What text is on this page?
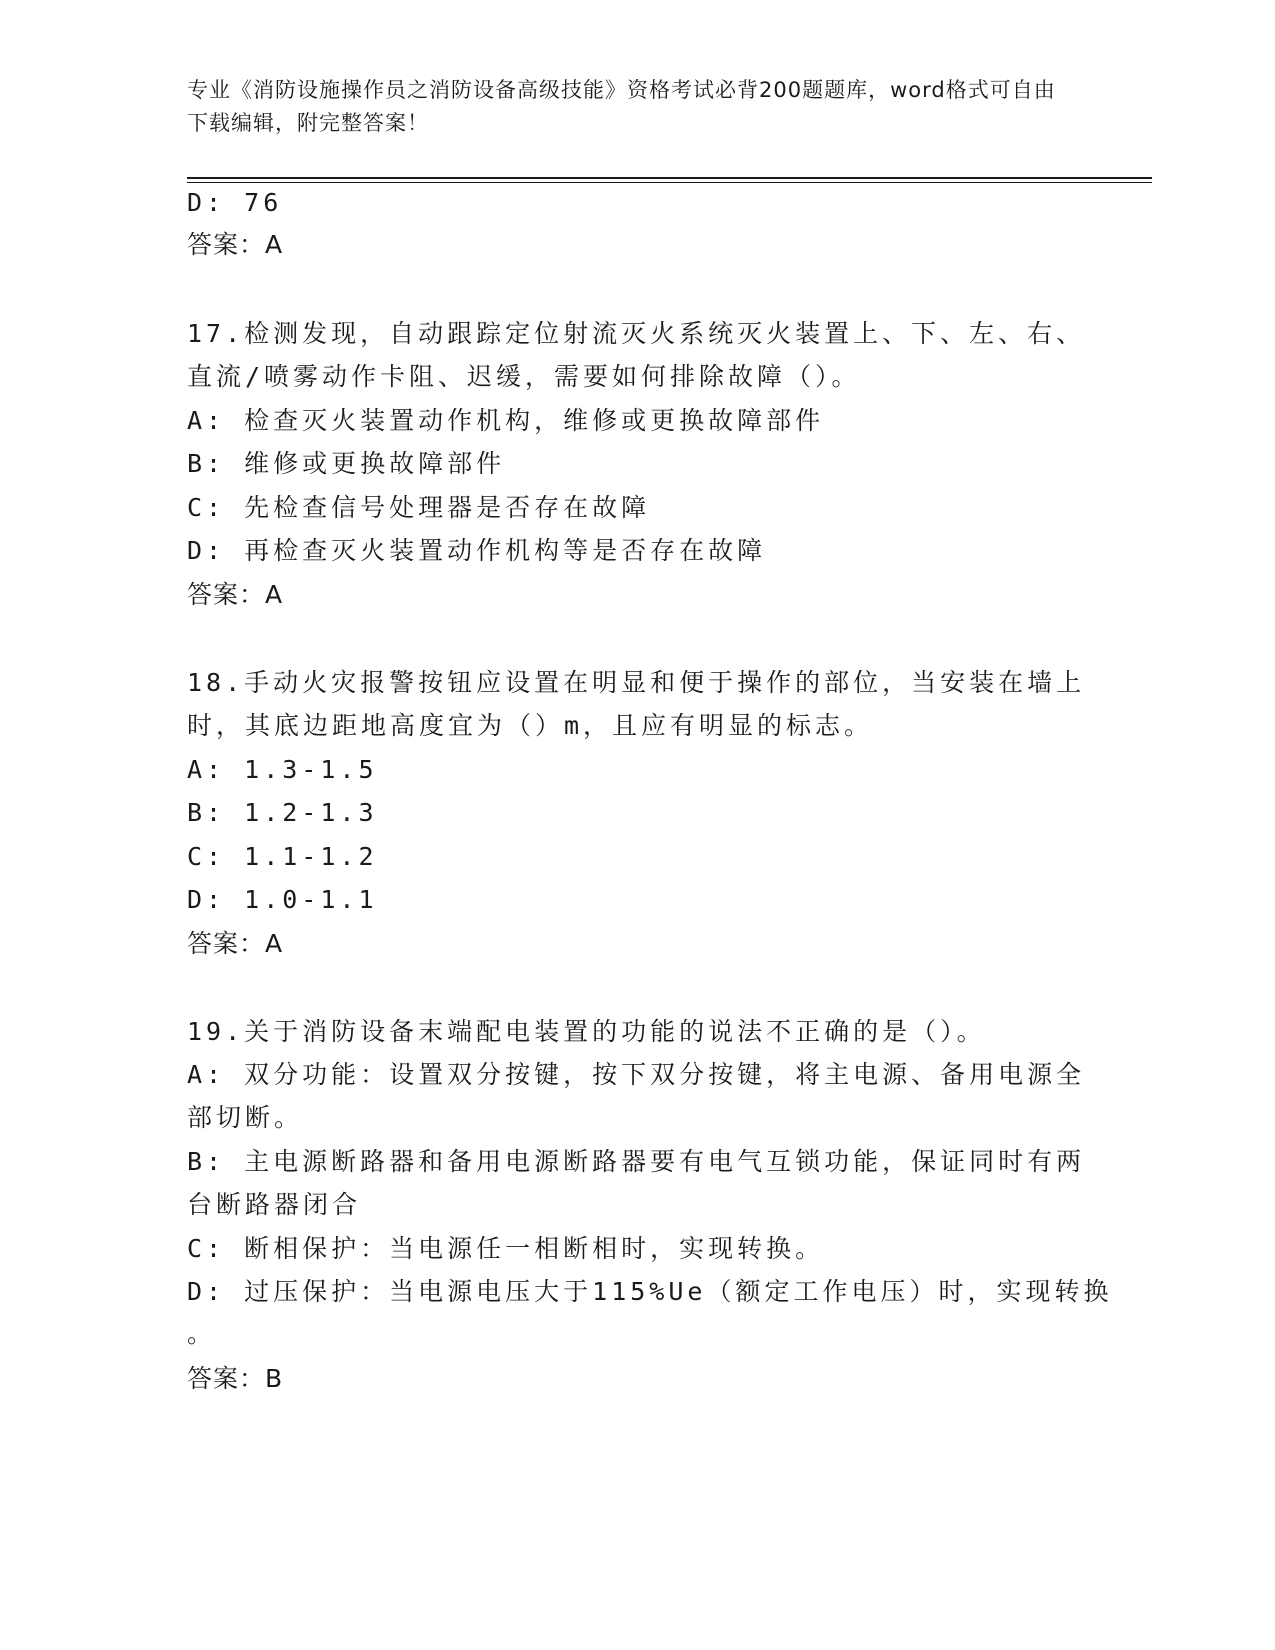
专业《消防设施操作员之消防设备高级技能》资格考试必背200题题库，word格式可自由下载编辑，附完整答案！
D: 76
答案：A
17.检测发现，自动跟踪定位射流灭火系统灭火装置上、下、左、右、
直流/喷雾动作卡阻、迟缓，需要如何排除故障（）。
A: 检查灭火装置动作机构，维修或更换故障部件
B: 维修或更换故障部件
C: 先检查信号处理器是否存在故障
D: 再检查灭火装置动作机构等是否存在故障
答案：A
18.手动火灾报警按钮应设置在明显和便于操作的部位，当安装在墙上
时，其底边距地高度宜为（）m，且应有明显的标志。
A: 1.3-1.5
B: 1.2-1.3
C: 1.1-1.2
D: 1.0-1.1
答案：A
19.关于消防设备末端配电装置的功能的说法不正确的是（）。
A: 双分功能：设置双分按键，按下双分按键，将主电源、备用电源全
部切断。
B: 主电源断路器和备用电源断路器要有电气互锁功能，保证同时有两
台断路器闭合
C: 断相保护：当电源任一相断相时，实现转换。
D: 过压保护：当电源电压大于115%Ue（额定工作电压）时，实现转换
。
答案：B
